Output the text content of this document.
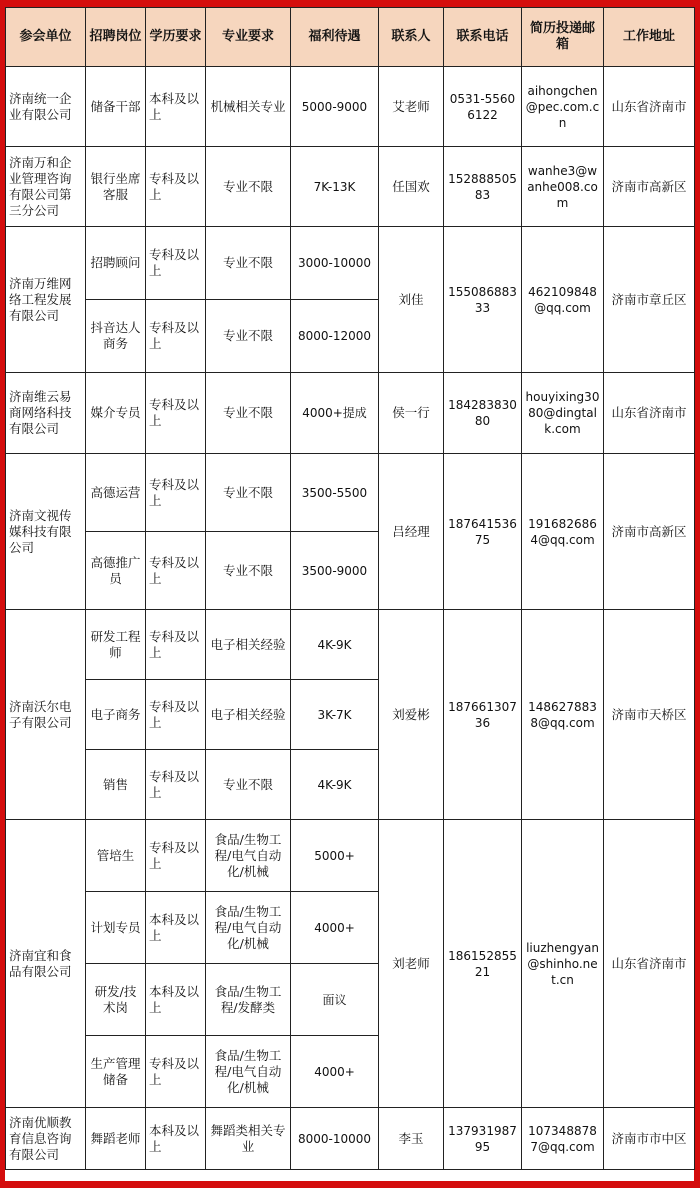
参会单位	招聘岗位	学历要求	专业要求	福利待遇	联系人	联系电话	简历投递邮箱	工作地址
济南统一企业有限公司	储备干部	本科及以上	机械相关专业	5000-9000	艾老师	0531-55606122	aihongchen@pec.com.cn	山东省济南市
济南万和企业管理咨询有限公司第三分公司	银行坐席客服	专科及以上	专业不限	7K-13K	任国欢	15288850583	wanhe3@wanhe008.com	济南市高新区
济南万维网络工程发展有限公司	招聘顾问	专科及以上	专业不限	3000-10000	刘佳	15508688333	462109848@qq.com	济南市章丘区
	抖音达人商务	专科及以上	专业不限	8000-12000				
济南维云易商网络科技有限公司	媒介专员	专科及以上	专业不限	4000+提成	侯一行	18428383080	houyixing3080@dingtalk.com	山东省济南市
济南文视传媒科技有限公司	高德运营	专科及以上	专业不限	3500-5500	吕经理	18764153675	1916826864@qq.com	济南市高新区
	高德推广员	专科及以上	专业不限	3500-9000				
济南沃尔电子有限公司	研发工程师	专科及以上	电子相关经验	4K-9K	刘爱彬	18766130736	1486278838@qq.com	济南市天桥区
	电子商务	专科及以上	电子相关经验	3K-7K				
	销售	专科及以上	专业不限	4K-9K				
济南宜和食品有限公司	管培生	专科及以上	食品/生物工程/电气自动化/机械	5000+	刘老师	18615285521	liuzhengyan@shinho.net.cn	山东省济南市
	计划专员	本科及以上	食品/生物工程/电气自动化/机械	4000+				
	研发/技术岗	本科及以上	食品/生物工程/发酵类	面议				
	生产管理储备	专科及以上	食品/生物工程/电气自动化/机械	4000+				
济南优顺教育信息咨询有限公司	舞蹈老师	本科及以上	舞蹈类相关专业	8000-10000	李玉	13793198795	1073488787@qq.com	济南市市中区
